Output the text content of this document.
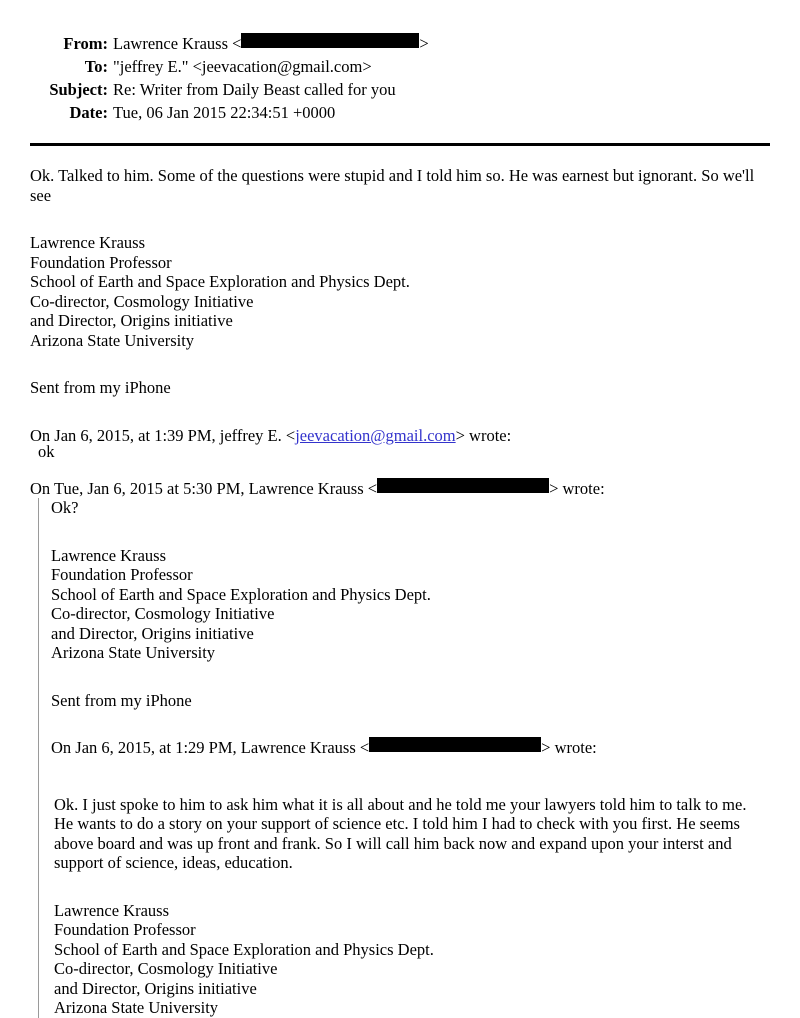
From: Lawrence Krauss <	>
To: "jeffrey E." <jeevacation@gmail.com>
Subject: Re: Writer from Daily Beast called for you
Date: Tue, 06 Jan 2015 22:34:51 +0000
Ok. Talked to him. Some of the questions were stupid and I told him so. He was earnest but ignorant. So we'll
see
Lawrence Krauss
Foundation Professor
School of Earth and Space Exploration and Physics Dept.
Co-director, Cosmology Initiative
and Director, Origins initiative
Arizona State University
Sent from my iPhone
On Jan 6, 2015, at 1:39 PM, jeffrey E. < jeevacation@gmail.com > wrote:
ok
On Tue, Jan 6, 2015 at 5:30 PM, Lawrence Krauss <	> wrote:
Ok?
Lawrence Krauss
Foundation Professor
School of Earth and Space Exploration and Physics Dept.
Co-director, Cosmology Initiative
and Director, Origins initiative
Arizona State University
Sent from my iPhone
On Jan 6, 2015, at 1:29 PM, Lawrence Krauss <	> wrote:
Ok. I just spoke to him to ask him what it is all about and he told me your lawyers told him to talk to me.
He wants to do a story on your support of science etc. I told him I had to check with you first. He seems
above board and was up front and frank. So I will call him back now and expand upon your interst and
support of science, ideas, education.
Lawrence Krauss
Foundation Professor
School of Earth and Space Exploration and Physics Dept.
Co-director, Cosmology Initiative
and Director, Origins initiative
Arizona State University
